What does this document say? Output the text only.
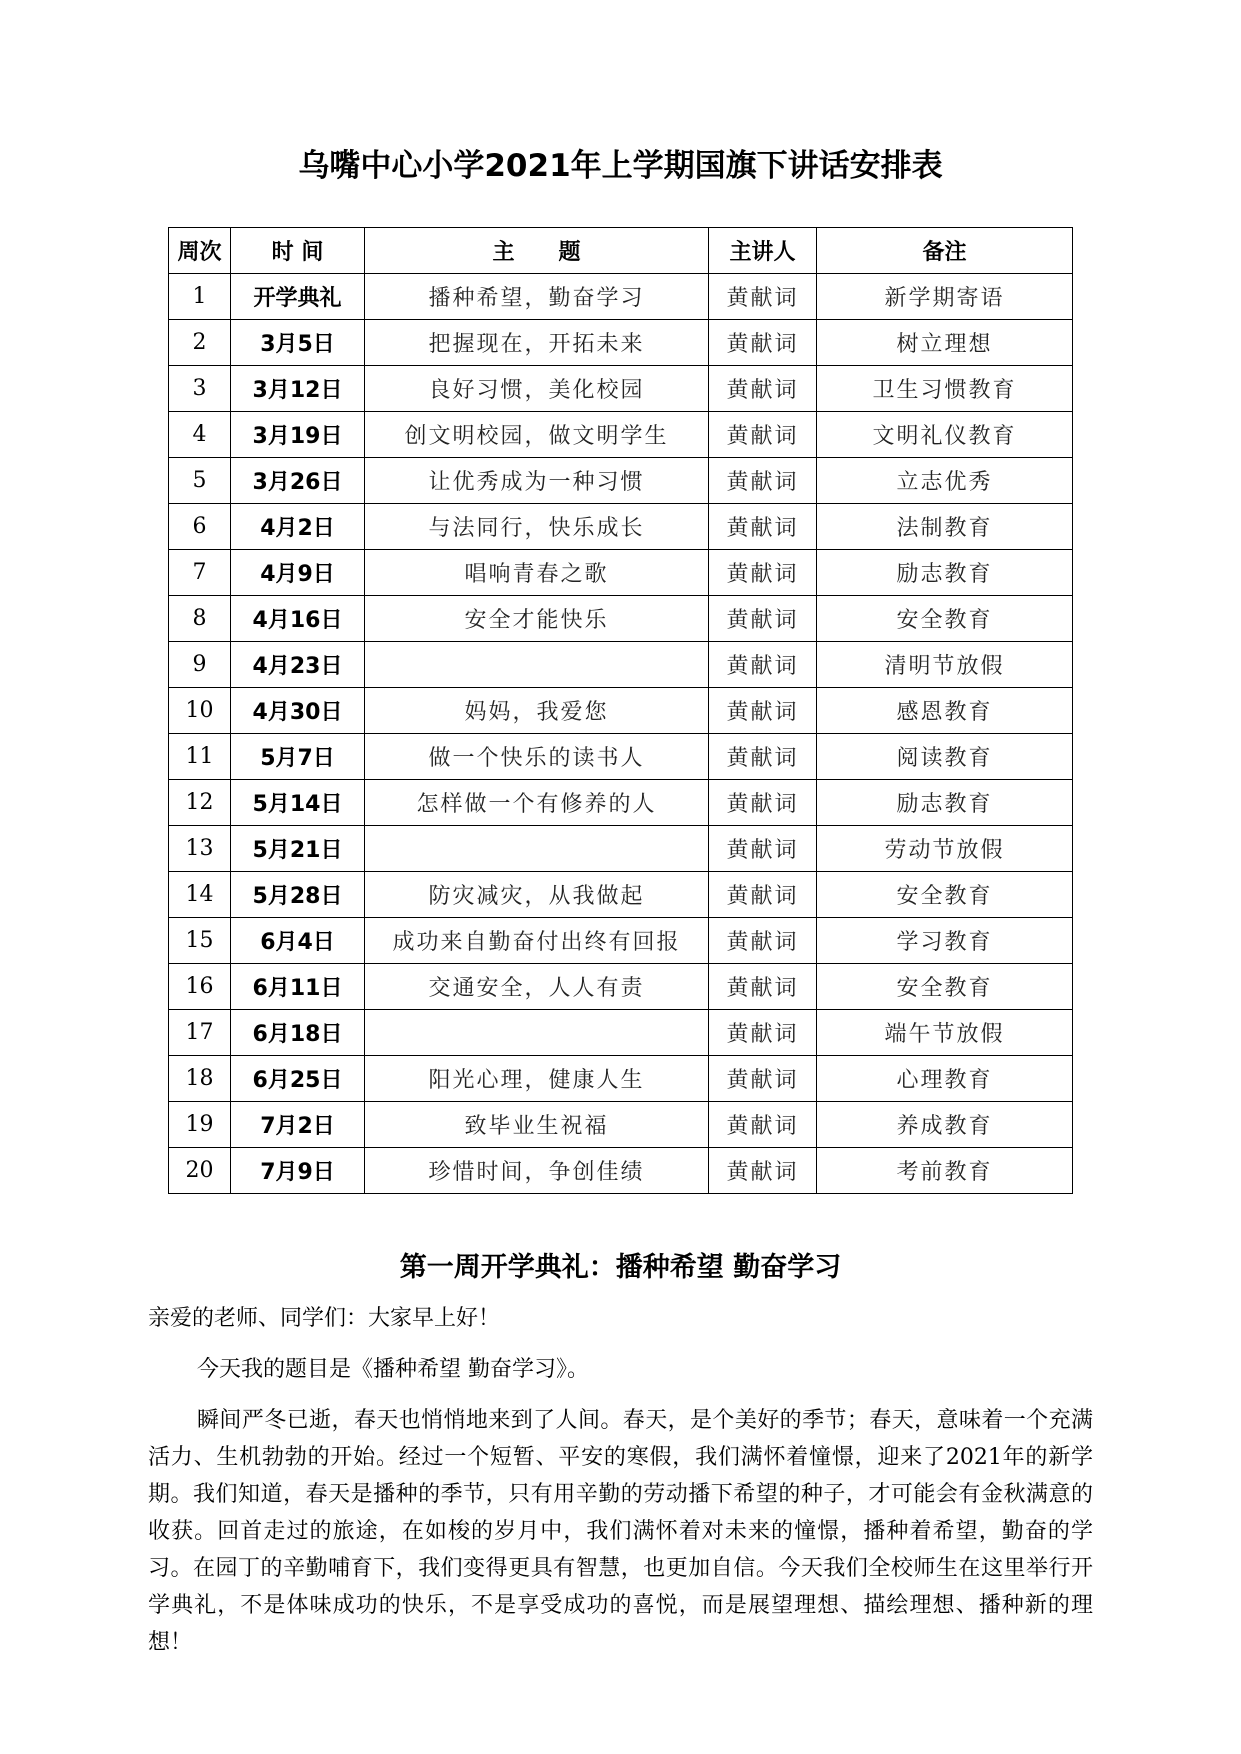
乌嘴中心小学2021年上学期国旗下讲话安排表
周次	时 间	主　　题	主讲人	备注
1	开学典礼	播种希望，勤奋学习	黄献词	新学期寄语
2	3月5日	把握现在，开拓未来	黄献词	树立理想
3	3月12日	良好习惯，美化校园	黄献词	卫生习惯教育
4	3月19日	创文明校园，做文明学生	黄献词	文明礼仪教育
5	3月26日	让优秀成为一种习惯	黄献词	立志优秀
6	4月2日	与法同行，快乐成长	黄献词	法制教育
7	4月9日	唱响青春之歌	黄献词	励志教育
8	4月16日	安全才能快乐	黄献词	安全教育
9	4月23日		黄献词	清明节放假
10	4月30日	妈妈，我爱您	黄献词	感恩教育
11	5月7日	做一个快乐的读书人	黄献词	阅读教育
12	5月14日	怎样做一个有修养的人	黄献词	励志教育
13	5月21日		黄献词	劳动节放假
14	5月28日	防灾减灾，从我做起	黄献词	安全教育
15	6月4日	成功来自勤奋付出终有回报	黄献词	学习教育
16	6月11日	交通安全，人人有责	黄献词	安全教育
17	6月18日		黄献词	端午节放假
18	6月25日	阳光心理，健康人生	黄献词	心理教育
19	7月2日	致毕业生祝福	黄献词	养成教育
20	7月9日	珍惜时间，争创佳绩	黄献词	考前教育
第一周开学典礼：播种希望 勤奋学习

亲爱的老师、同学们：大家早上好！

今天我的题目是《播种希望 勤奋学习》。

瞬间严冬已逝，春天也悄悄地来到了人间。春天，是个美好的季节；春天，意味着一个充满活力、生机勃勃的开始。经过一个短暂、平安的寒假，我们满怀着憧憬，迎来了2021年的新学期。我们知道，春天是播种的季节，只有用辛勤的劳动播下希望的种子，才可能会有金秋满意的收获。回首走过的旅途，在如梭的岁月中，我们满怀着对未来的憧憬，播种着希望，勤奋的学习。在园丁的辛勤哺育下，我们变得更具有智慧，也更加自信。今天我们全校师生在这里举行开学典礼，不是体味成功的快乐，不是享受成功的喜悦，而是展望理想、描绘理想、播种新的理想！
